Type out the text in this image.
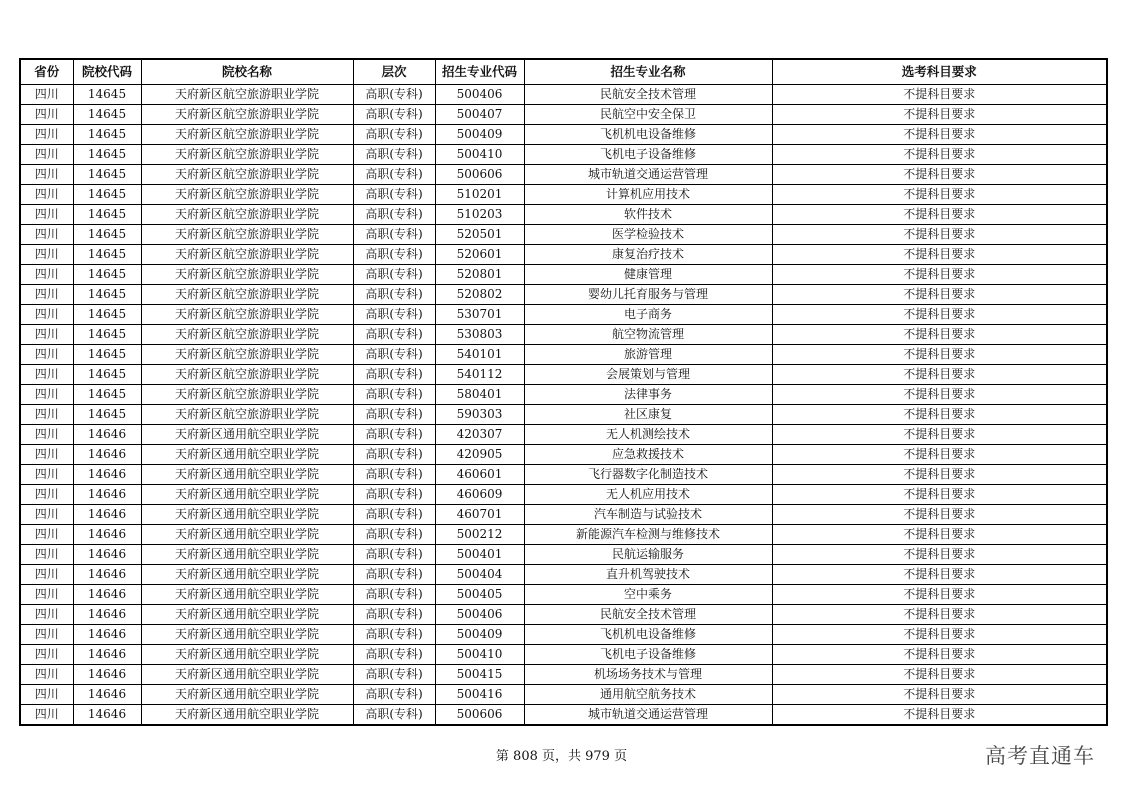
省份	院校代码	院校名称	层次	招生专业代码	招生专业名称	选考科目要求
四川	14645	天府新区航空旅游职业学院	高职(专科)	500406	民航安全技术管理	不提科目要求
四川	14645	天府新区航空旅游职业学院	高职(专科)	500407	民航空中安全保卫	不提科目要求
四川	14645	天府新区航空旅游职业学院	高职(专科)	500409	飞机机电设备维修	不提科目要求
四川	14645	天府新区航空旅游职业学院	高职(专科)	500410	飞机电子设备维修	不提科目要求
四川	14645	天府新区航空旅游职业学院	高职(专科)	500606	城市轨道交通运营管理	不提科目要求
四川	14645	天府新区航空旅游职业学院	高职(专科)	510201	计算机应用技术	不提科目要求
四川	14645	天府新区航空旅游职业学院	高职(专科)	510203	软件技术	不提科目要求
四川	14645	天府新区航空旅游职业学院	高职(专科)	520501	医学检验技术	不提科目要求
四川	14645	天府新区航空旅游职业学院	高职(专科)	520601	康复治疗技术	不提科目要求
四川	14645	天府新区航空旅游职业学院	高职(专科)	520801	健康管理	不提科目要求
四川	14645	天府新区航空旅游职业学院	高职(专科)	520802	婴幼儿托育服务与管理	不提科目要求
四川	14645	天府新区航空旅游职业学院	高职(专科)	530701	电子商务	不提科目要求
四川	14645	天府新区航空旅游职业学院	高职(专科)	530803	航空物流管理	不提科目要求
四川	14645	天府新区航空旅游职业学院	高职(专科)	540101	旅游管理	不提科目要求
四川	14645	天府新区航空旅游职业学院	高职(专科)	540112	会展策划与管理	不提科目要求
四川	14645	天府新区航空旅游职业学院	高职(专科)	580401	法律事务	不提科目要求
四川	14645	天府新区航空旅游职业学院	高职(专科)	590303	社区康复	不提科目要求
四川	14646	天府新区通用航空职业学院	高职(专科)	420307	无人机测绘技术	不提科目要求
四川	14646	天府新区通用航空职业学院	高职(专科)	420905	应急救援技术	不提科目要求
四川	14646	天府新区通用航空职业学院	高职(专科)	460601	飞行器数字化制造技术	不提科目要求
四川	14646	天府新区通用航空职业学院	高职(专科)	460609	无人机应用技术	不提科目要求
四川	14646	天府新区通用航空职业学院	高职(专科)	460701	汽车制造与试验技术	不提科目要求
四川	14646	天府新区通用航空职业学院	高职(专科)	500212	新能源汽车检测与维修技术	不提科目要求
四川	14646	天府新区通用航空职业学院	高职(专科)	500401	民航运输服务	不提科目要求
四川	14646	天府新区通用航空职业学院	高职(专科)	500404	直升机驾驶技术	不提科目要求
四川	14646	天府新区通用航空职业学院	高职(专科)	500405	空中乘务	不提科目要求
四川	14646	天府新区通用航空职业学院	高职(专科)	500406	民航安全技术管理	不提科目要求
四川	14646	天府新区通用航空职业学院	高职(专科)	500409	飞机机电设备维修	不提科目要求
四川	14646	天府新区通用航空职业学院	高职(专科)	500410	飞机电子设备维修	不提科目要求
四川	14646	天府新区通用航空职业学院	高职(专科)	500415	机场场务技术与管理	不提科目要求
四川	14646	天府新区通用航空职业学院	高职(专科)	500416	通用航空航务技术	不提科目要求
四川	14646	天府新区通用航空职业学院	高职(专科)	500606	城市轨道交通运营管理	不提科目要求
第 808 页，共 979 页	高考直通车
